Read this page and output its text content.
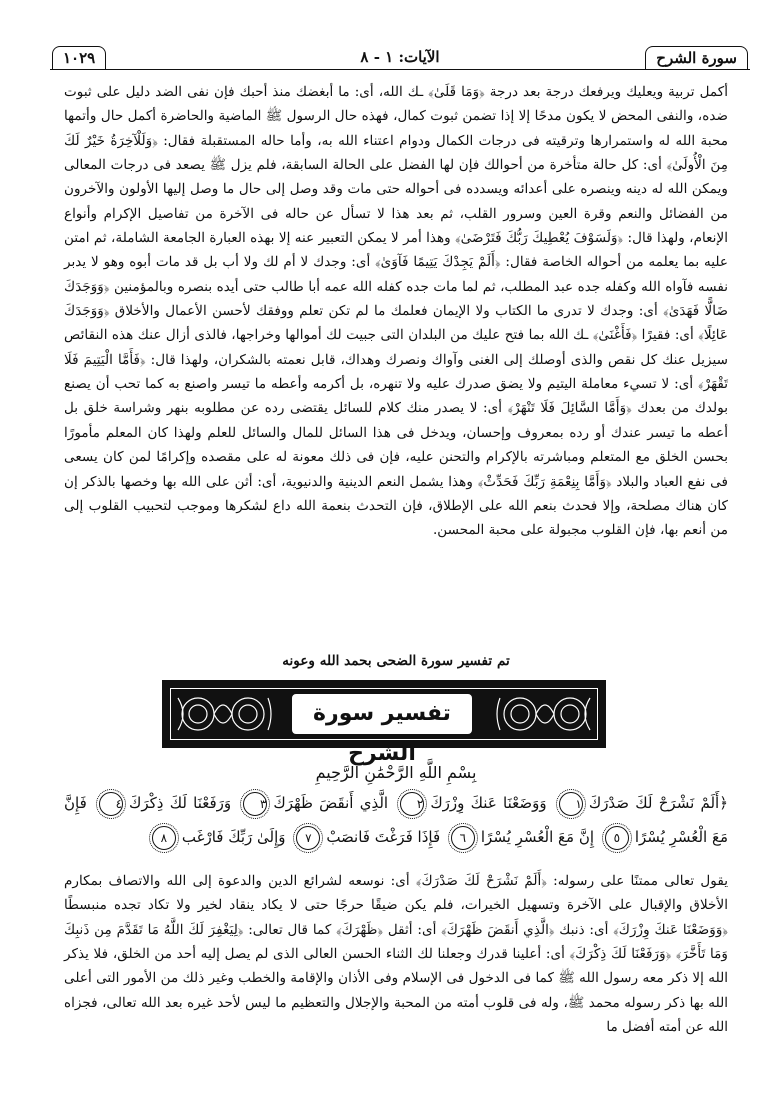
سورة الشرح
الآيات: ١ - ٨
١٠٢٩

أكمل تربية ويعليك ويرفعك درجة بعد درجة ﴿وَمَا قَلَىٰ﴾ ـك الله، أى: ما أبغضك منذ أحبك فإن نفى الضد دليل على ثبوت ضده، والنفى المحض لا يكون مدحًا إلا إذا تضمن ثبوت كمال، فهذه حال الرسول ﷺ الماضية والحاضرة أكمل حال وأتمها محبة الله له واستمرارها وترقيته فى درجات الكمال ودوام اعتناء الله به، وأما حاله المستقبلة فقال: ﴿وَلَلْآخِرَةُ خَيْرٌ لَكَ مِنَ الْأُولَىٰ﴾ أى: كل حالة متأخرة من أحوالك فإن لها الفضل على الحالة السابقة، فلم يزل ﷺ يصعد فى درجات المعالى ويمكن الله له دينه وينصره على أعدائه ويسدده فى أحواله حتى مات وقد وصل إلى حال ما وصل إليها الأولون والآخرون من الفضائل والنعم وقرة العين وسرور القلب، ثم بعد هذا لا تسأل عن حاله فى الآخرة من تفاصيل الإكرام وأنواع الإنعام، ولهذا قال: ﴿وَلَسَوْفَ يُعْطِيكَ رَبُّكَ فَتَرْضَىٰ﴾ وهذا أمر لا يمكن التعبير عنه إلا بهذه العبارة الجامعة الشاملة، ثم امتن عليه بما يعلمه من أحواله الخاصة فقال: ﴿أَلَمْ يَجِدْكَ يَتِيمًا فَآوَىٰ﴾ أى: وجدك لا أم لك ولا أب بل قد مات أبوه وهو لا يدبر نفسه فآواه الله وكفله جده عبد المطلب، ثم لما مات جده كفله الله عمه أبا طالب حتى أيده بنصره وبالمؤمنين ﴿وَوَجَدَكَ ضَالًّا فَهَدَىٰ﴾ أى: وجدك لا تدرى ما الكتاب ولا الإيمان فعلمك ما لم تكن تعلم ووفقك لأحسن الأعمال والأخلاق ﴿وَوَجَدَكَ عَائِلًا﴾ أى: فقيرًا ﴿فَأَغْنَىٰ﴾ ـك الله بما فتح عليك من البلدان التى جبيت لك أموالها وخراجها، فالذى أزال عنك هذه النقائص سيزيل عنك كل نقص والذى أوصلك إلى الغنى وآواك ونصرك وهداك، قابل نعمته بالشكران، ولهذا قال: ﴿فَأَمَّا الْيَتِيمَ فَلَا تَقْهَرْ﴾ أى: لا تسيء معاملة اليتيم ولا يضق صدرك عليه ولا تنهره، بل أكرمه وأعطه ما تيسر واصنع به كما تحب أن يصنع بولدك من بعدك ﴿وَأَمَّا السَّائِلَ فَلَا تَنْهَرْ﴾ أى: لا يصدر منك كلام للسائل يقتضى رده عن مطلوبه بنهر وشراسة خلق بل أعطه ما تيسر عندك أو رده بمعروف وإحسان، ويدخل فى هذا السائل للمال والسائل للعلم ولهذا كان المعلم مأمورًا بحسن الخلق مع المتعلم ومباشرته بالإكرام والتحنن عليه، فإن فى ذلك معونة له على مقصده وإكرامًا لمن كان يسعى فى نفع العباد والبلاد ﴿وَأَمَّا بِنِعْمَةِ رَبِّكَ فَحَدِّثْ﴾ وهذا يشمل النعم الدينية والدنيوية، أى: أثن على الله بها وخصها بالذكر إن كان هناك مصلحة، وإلا فحدث بنعم الله على الإطلاق، فإن التحدث بنعمة الله داع لشكرها وموجب لتحبيب القلوب إلى من أنعم بها، فإن القلوب مجبولة على محبة المحسن.

تم تفسير سورة الضحى بحمد الله وعونه
تفسير سورة الشرح
بِسْمِ اللَّهِ الرَّحْمَٰنِ الرَّحِيمِ
﴿أَلَمْ نَشْرَحْ لَكَ صَدْرَكَ١ وَوَضَعْنَا عَنكَ وِزْرَكَ٢ الَّذِي أَنقَضَ ظَهْرَكَ٣ وَرَفَعْنَا لَكَ ذِكْرَكَ٤ فَإِنَّ
مَعَ الْعُسْرِ يُسْرًا٥ إِنَّ مَعَ الْعُسْرِ يُسْرًا٦ فَإِذَا فَرَغْتَ فَانصَبْ٧ وَإِلَىٰ رَبِّكَ فَارْغَب٨

يقول تعالى ممتنًا على رسوله: ﴿أَلَمْ نَشْرَحْ لَكَ صَدْرَكَ﴾ أى: نوسعه لشرائع الدين والدعوة إلى الله والاتصاف بمكارم الأخلاق والإقبال على الآخرة وتسهيل الخيرات، فلم يكن ضيقًا حرجًا حتى لا يكاد ينقاد لخير ولا تكاد تجده منبسطًا ﴿وَوَضَعْنَا عَنكَ وِزْرَكَ﴾ أى: ذنبك ﴿الَّذِي أَنقَضَ ظَهْرَكَ﴾ أى: أثقل ﴿ظَهْرَكَ﴾ كما قال تعالى: ﴿لِيَغْفِرَ لَكَ اللَّهُ مَا تَقَدَّمَ مِن ذَنبِكَ وَمَا تَأَخَّرَ﴾ ﴿وَرَفَعْنَا لَكَ ذِكْرَكَ﴾ أى: أعلينا قدرك وجعلنا لك الثناء الحسن العالى الذى لم يصل إليه أحد من الخلق، فلا يذكر الله إلا ذكر معه رسول الله ﷺ كما فى الدخول فى الإسلام وفى الأذان والإقامة والخطب وغير ذلك من الأمور التى أعلى الله بها ذكر رسوله محمد ﷺ، وله فى قلوب أمته من المحبة والإجلال والتعظيم ما ليس لأحد غيره بعد الله تعالى، فجزاه الله عن أمته أفضل ما
